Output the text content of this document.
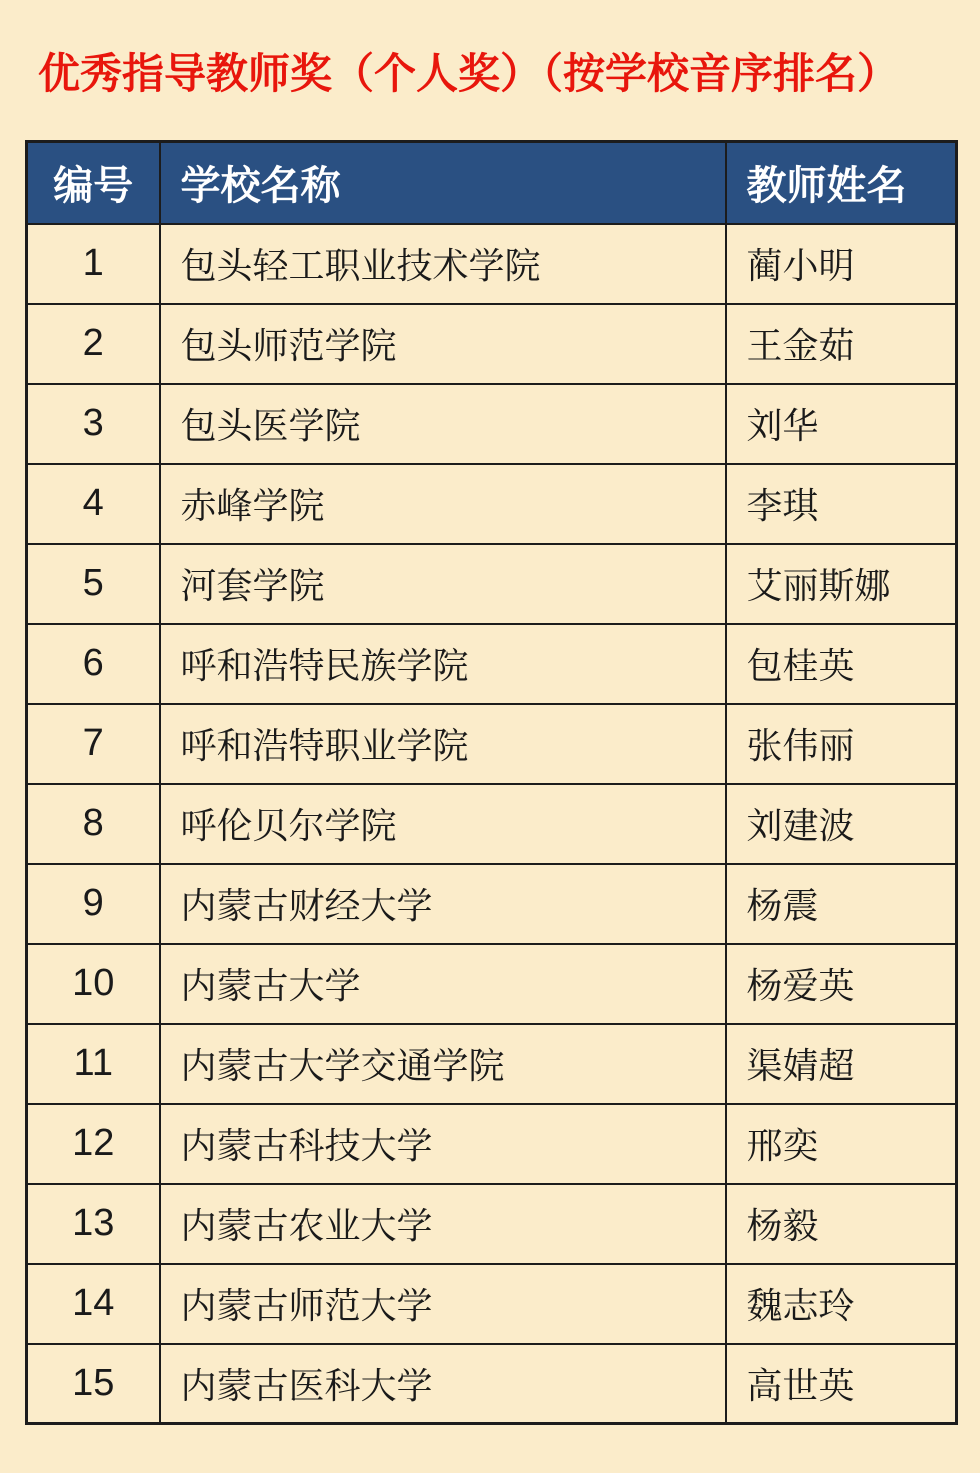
优秀指导教师奖（个人奖）（按学校音序排名）
编号	学校名称	教师姓名
1	包头轻工职业技术学院	蔺小明
2	包头师范学院	王金茹
3	包头医学院	刘华
4	赤峰学院	李琪
5	河套学院	艾丽斯娜
6	呼和浩特民族学院	包桂英
7	呼和浩特职业学院	张伟丽
8	呼伦贝尔学院	刘建波
9	内蒙古财经大学	杨震
10	内蒙古大学	杨爱英
11	内蒙古大学交通学院	渠婧超
12	内蒙古科技大学	邢奕
13	内蒙古农业大学	杨毅
14	内蒙古师范大学	魏志玲
15	内蒙古医科大学	高世英
